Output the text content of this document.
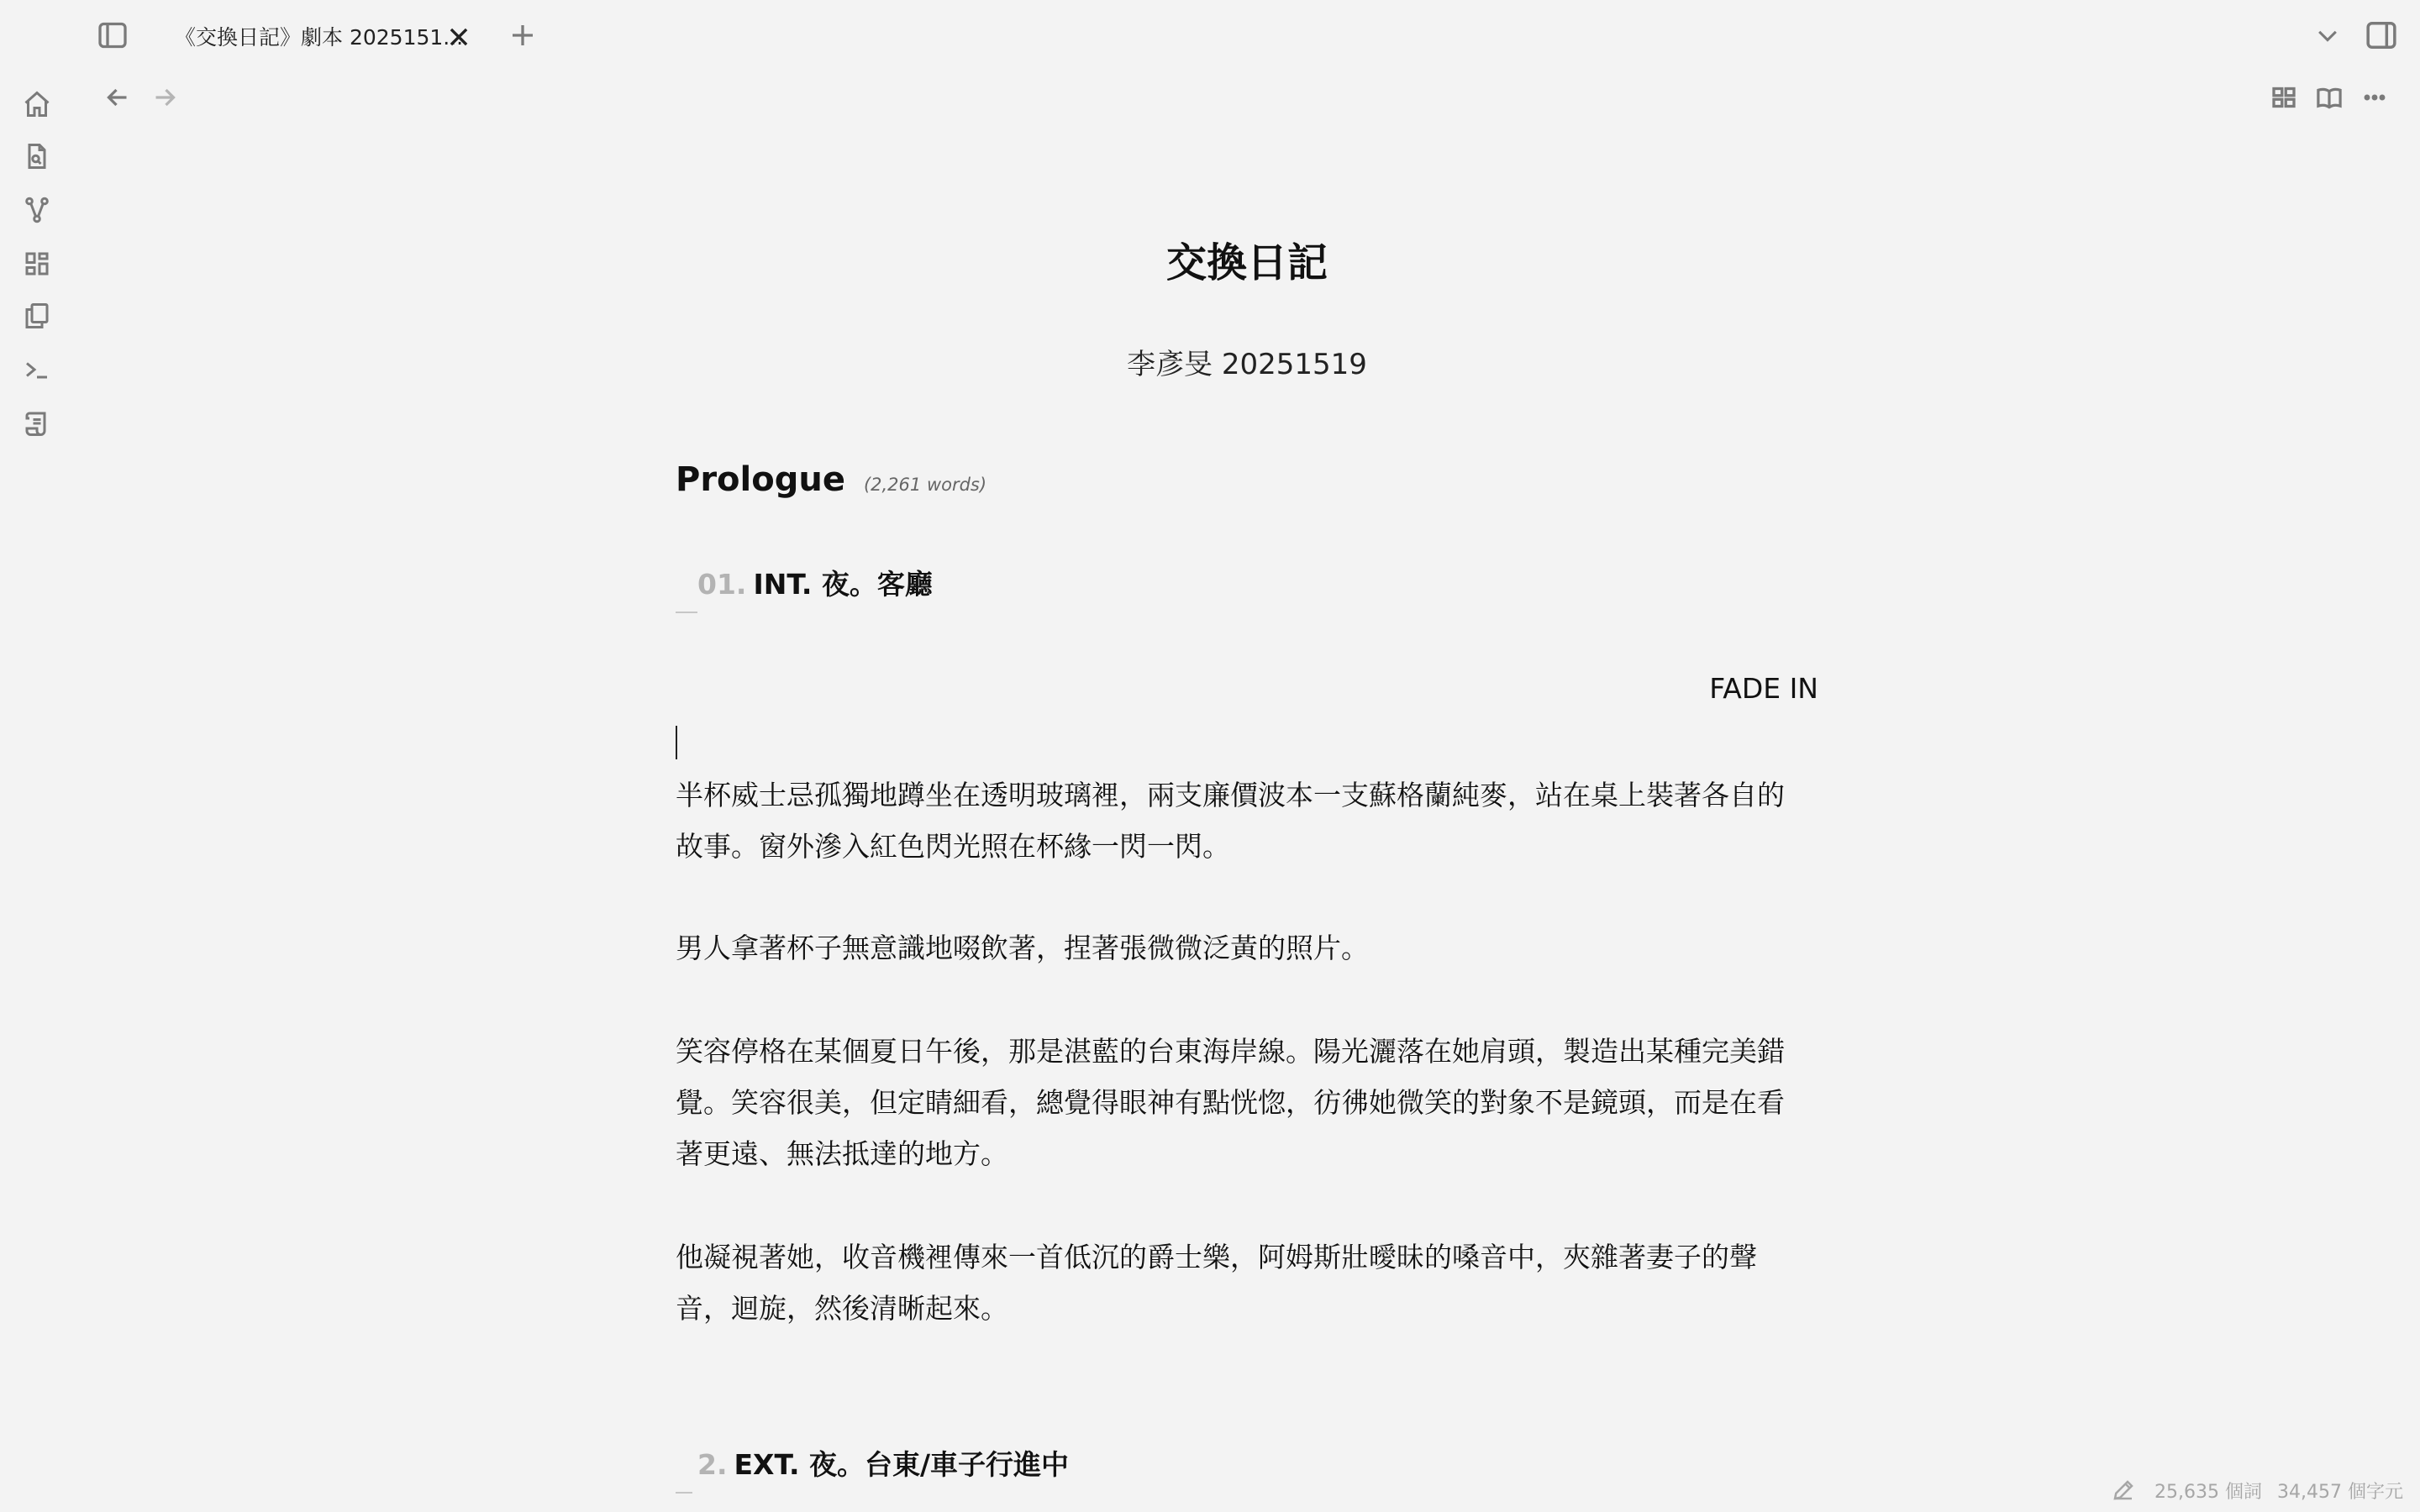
《交換日記》劇本 2025151...
交換日記
李彥旻 20251519
Prologue (2,261 words)
01. INT. 夜。客廳
FADE IN
半杯威士忌孤獨地蹲坐在透明玻璃裡，兩支廉價波本一支蘇格蘭純麥，站在桌上裝著各自的
故事。窗外滲入紅色閃光照在杯緣一閃一閃。
男人拿著杯子無意識地啜飲著，捏著張微微泛黃的照片。
笑容停格在某個夏日午後，那是湛藍的台東海岸線。陽光灑落在她肩頭，製造出某種完美錯
覺。笑容很美，但定睛細看，總覺得眼神有點恍惚，彷彿她微笑的對象不是鏡頭，而是在看
著更遠、無法抵達的地方。
他凝視著她，收音機裡傳來一首低沉的爵士樂，阿姆斯壯曖昧的嗓音中，夾雜著妻子的聲
音，迴旋，然後清晰起來。
2. EXT. 夜。台東/車子行進中
25,635 個詞 34,457 個字元
